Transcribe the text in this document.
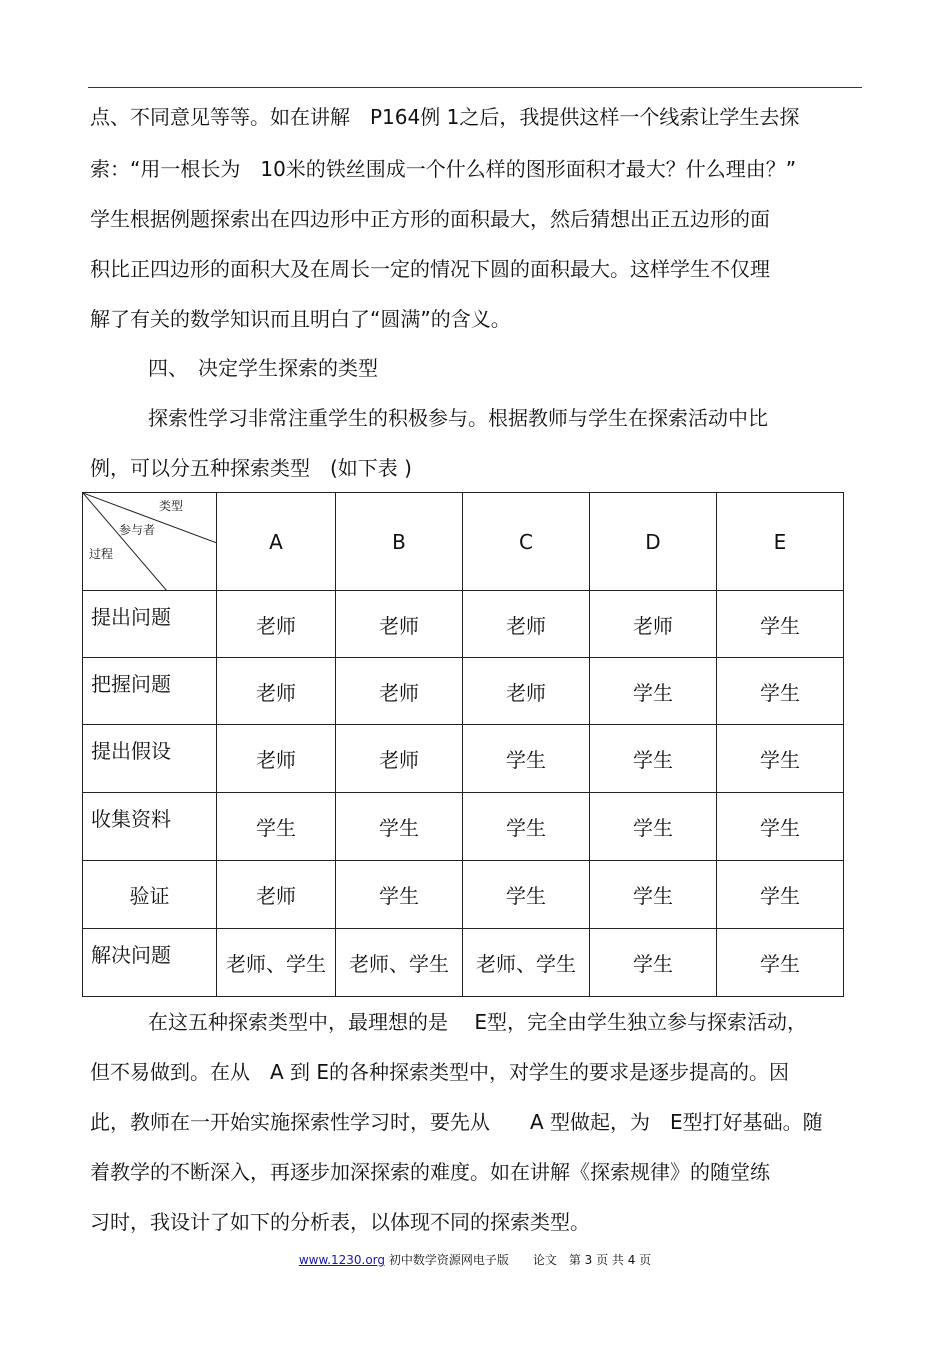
点、不同意见等等。如在讲解　P164例 1之后，我提供这样一个线索让学生去探
索：“用一根长为　10米的铁丝围成一个什么样的图形面积才最大？什么理由？”
学生根据例题探索出在四边形中正方形的面积最大，然后猜想出正五边形的面
积比正四边形的面积大及在周长一定的情况下圆的面积最大。这样学生不仅理
解了有关的数学知识而且明白了“圆满”的含义。
四、　决定学生探索的类型
探索性学习非常注重学生的积极参与。根据教师与学生在探索活动中比
例，可以分五种探索类型　(如下表 )
类型
参与者
过程	A	B	C	D	E
提出问题	老师	老师	老师	老师	学生
把握问题	老师	老师	老师	学生	学生
提出假设	老师	老师	学生	学生	学生
收集资料	学生	学生	学生	学生	学生
验证	老师	学生	学生	学生	学生
解决问题	老师、学生	老师、学生	老师、学生	学生	学生
在这五种探索类型中，最理想的是　 E型，完全由学生独立参与探索活动，
但不易做到。在从　A 到 E的各种探索类型中，对学生的要求是逐步提高的。因
此，教师在一开始实施探索性学习时，要先从　　A 型做起，为　E型打好基础。随
着教学的不断深入，再逐步加深探索的难度。如在讲解《探索规律》的随堂练
习时，我设计了如下的分析表，以体现不同的探索类型。
www.1230.org 初中数学资源网电子版　　论文　第 3 页 共 4 页
